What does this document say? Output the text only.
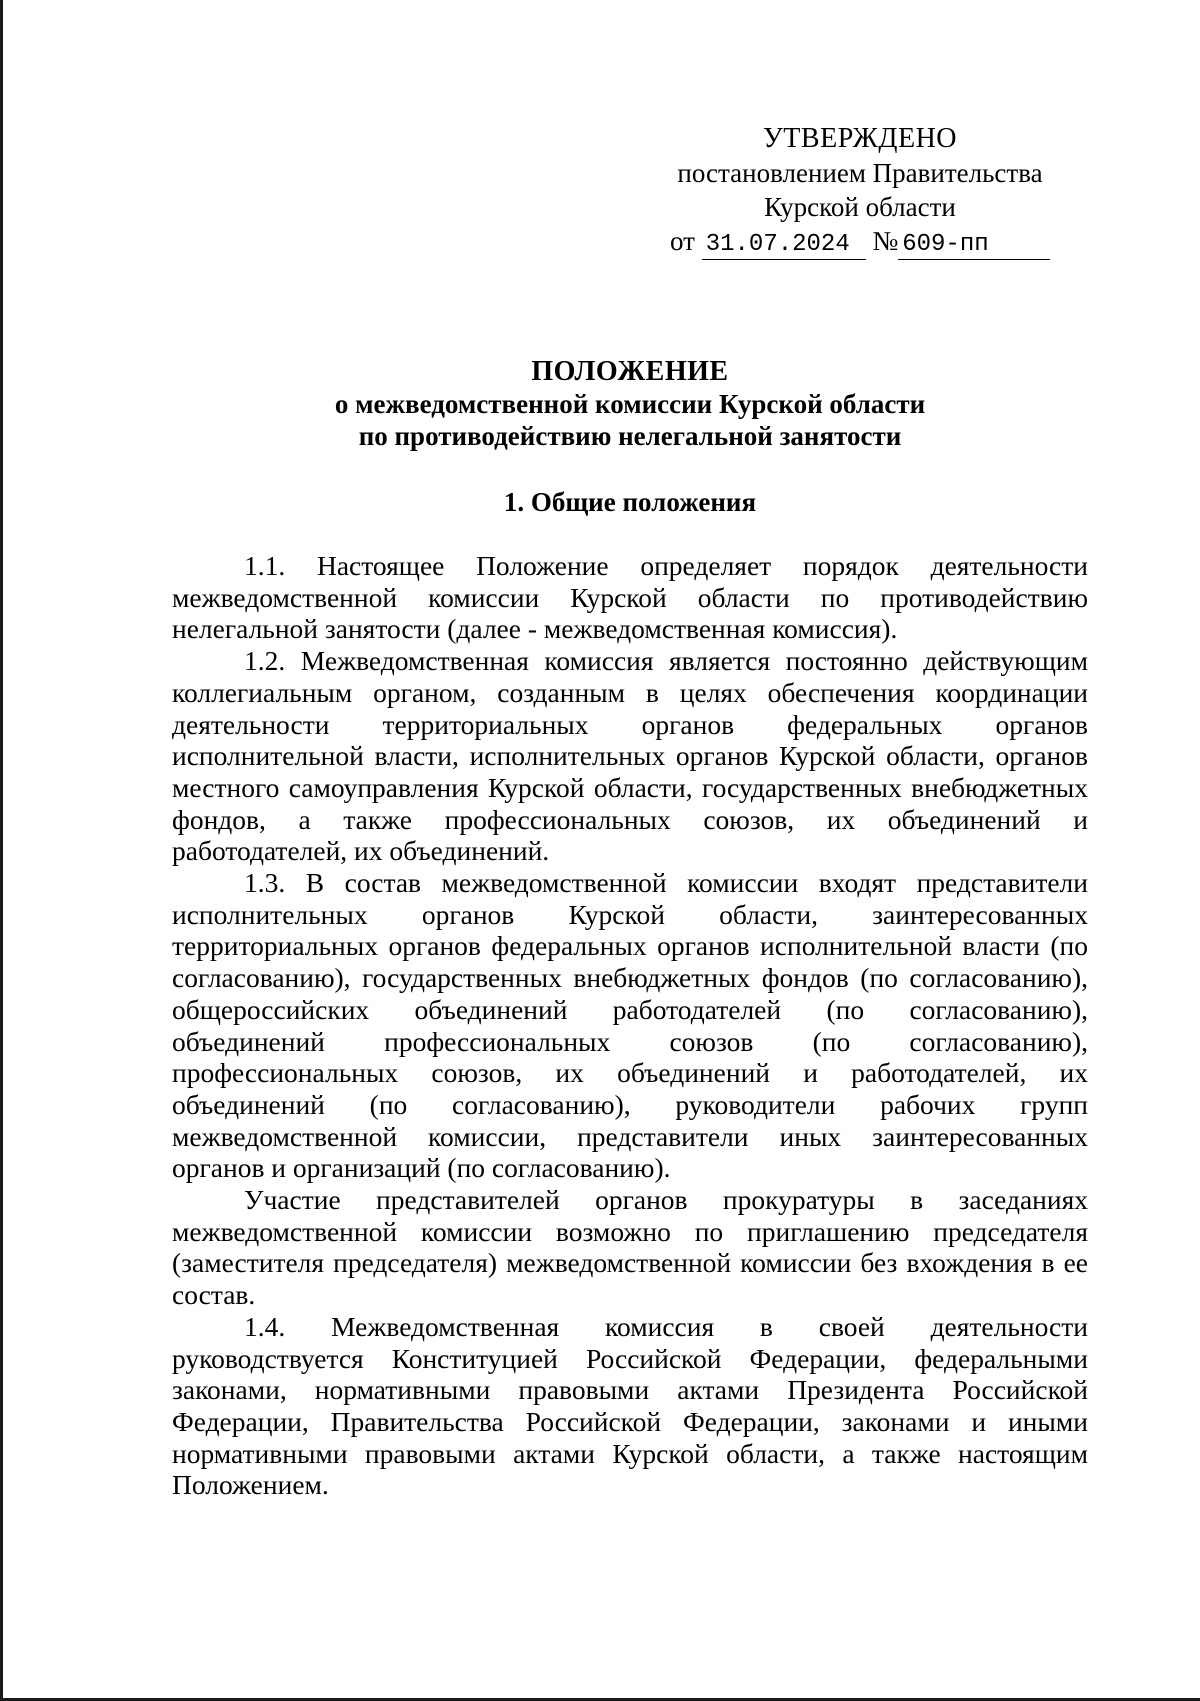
УТВЕРЖДЕНО
постановлением Правительства
Курской области
от 31.07.2024 № 609-пп
ПОЛОЖЕНИЕ
о межведомственной комиссии Курской области
по противодействию нелегальной занятости
1. Общие положения

1.1. Настоящее Положение определяет порядок деятельности межведомственной комиссии Курской области по противодействию нелегальной занятости (далее - межведомственная комиссия).

1.2. Межведомственная комиссия является постоянно действующим коллегиальным органом, созданным в целях обеспечения координации деятельности территориальных органов федеральных органов исполнительной власти, исполнительных органов Курской области, органов местного самоуправления Курской области, государственных внебюджетных фондов, а также профессиональных союзов, их объединений и работодателей, их объединений.

1.3. В состав межведомственной комиссии входят представители исполнительных органов Курской области, заинтересованных территориальных органов федеральных органов исполнительной власти (по согласованию), государственных внебюджетных фондов (по согласованию), общероссийских объединений работодателей (по согласованию), объединений профессиональных союзов (по согласованию), профессиональных союзов, их объединений и работодателей, их объединений (по согласованию), руководители рабочих групп межведомственной комиссии, представители иных заинтересованных органов и организаций (по согласованию).

Участие представителей органов прокуратуры в заседаниях межведомственной комиссии возможно по приглашению председателя (заместителя председателя) межведомственной комиссии без вхождения в ее состав.

1.4. Межведомственная комиссия в своей деятельности руководствуется Конституцией Российской Федерации, федеральными законами, нормативными правовыми актами Президента Российской Федерации, Правительства Российской Федерации, законами и иными нормативными правовыми актами Курской области, а также настоящим Положением.
